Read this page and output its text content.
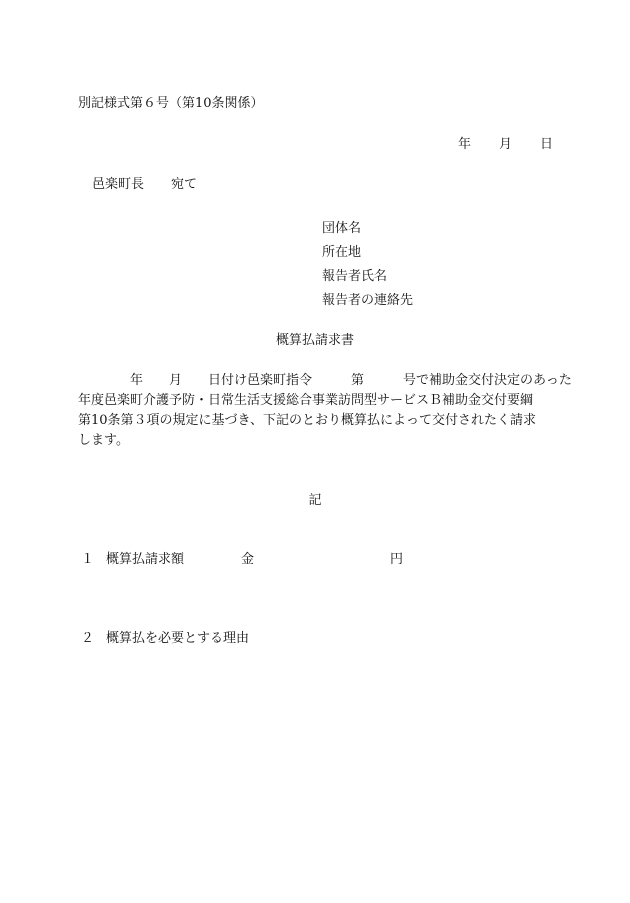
別記様式第６号（第10条関係）
年 月 日
邑楽町長 宛て
団体名
所在地
報告者氏名
報告者の連絡先
概算払請求書
　　　　年　　月　　日付け邑楽町指令　　　第　　　号で補助金交付決定のあった
年度邑楽町介護予防・日常生活支援総合事業訪問型サービスＢ補助金交付要綱
第10条第３項の規定に基づき、下記のとおり概算払によって交付されたく請求
します。
記
１ 概算払請求額	金	円
２ 概算払を必要とする理由
